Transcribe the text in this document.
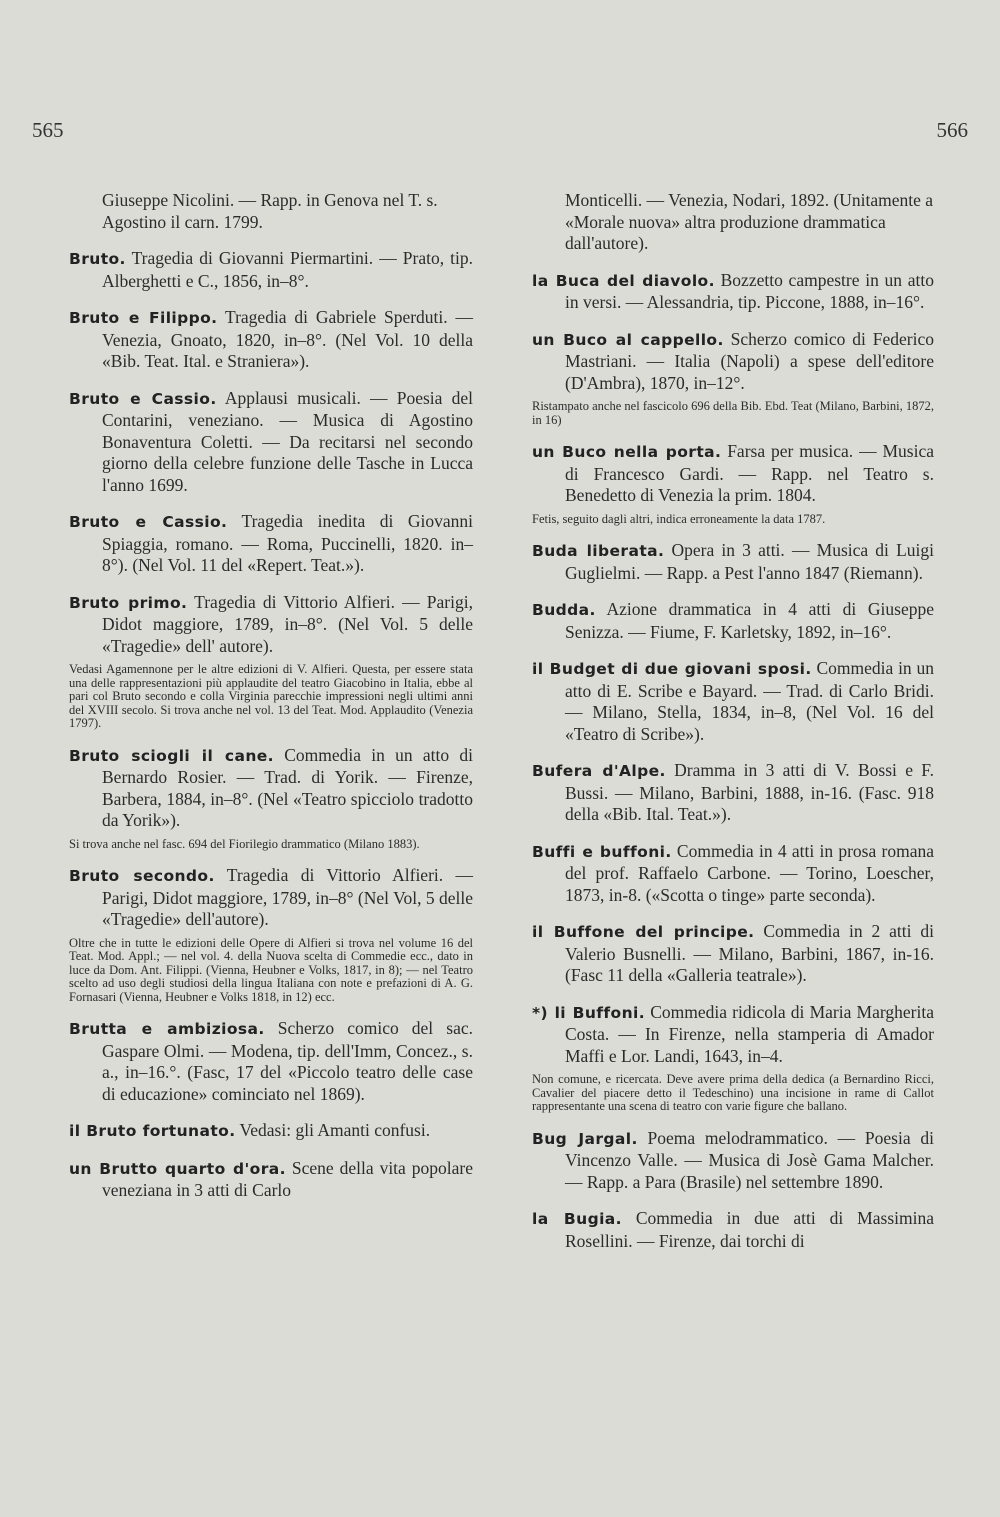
565	566

Giuseppe Nicolini. — Rapp. in Genova nel T. s. Agostino il carn. 1799.

Bruto. Tragedia di Giovanni Piermartini. — Prato, tip. Alberghetti e C., 1856, in–8°.

Bruto e Filippo. Tragedia di Gabriele Sperduti. — Venezia, Gnoato, 1820, in–8°. (Nel Vol. 10 della «Bib. Teat. Ital. e Straniera»).

Bruto e Cassio. Applausi musicali. — Poesia del Contarini, veneziano. — Musica di Agostino Bonaventura Coletti. — Da recitarsi nel secondo giorno della celebre funzione delle Tasche in Lucca l'anno 1699.

Bruto e Cassio. Tragedia inedita di Giovanni Spiaggia, romano. — Roma, Puccinelli, 1820. in–8°). (Nel Vol. 11 del «Repert. Teat.»).

Bruto primo. Tragedia di Vittorio Alfieri. — Parigi, Didot maggiore, 1789, in–8°. (Nel Vol. 5 delle «Tragedie» dell' autore).

Vedasi Agamennone per le altre edizioni di V. Alfieri. Questa, per essere stata una delle rappresentazioni più applaudite del teatro Giacobino in Italia, ebbe al pari col Bruto secondo e colla Virginia parecchie impressioni negli ultimi anni del XVIII secolo. Si trova anche nel vol. 13 del Teat. Mod. Applaudito (Venezia 1797).

Bruto sciogli il cane. Commedia in un atto di Bernardo Rosier. — Trad. di Yorik. — Firenze, Barbera, 1884, in–8°. (Nel «Teatro spicciolo tradotto da Yorik»).

Si trova anche nel fasc. 694 del Fiorilegio drammatico (Milano 1883).

Bruto secondo. Tragedia di Vittorio Alfieri. — Parigi, Didot maggiore, 1789, in–8° (Nel Vol, 5 delle «Tragedie» dell'autore).

Oltre che in tutte le edizioni delle Opere di Alfieri si trova nel volume 16 del Teat. Mod. Appl.; — nel vol. 4. della Nuova scelta di Commedie ecc., dato in luce da Dom. Ant. Filippi. (Vienna, Heubner e Volks, 1817, in 8); — nel Teatro scelto ad uso degli studiosi della lingua Italiana con note e prefazioni di A. G. Fornasari (Vienna, Heubner e Volks 1818, in 12) ecc.

Brutta e ambiziosa. Scherzo comico del sac. Gaspare Olmi. — Modena, tip. dell'Imm, Concez., s. a., in–16.°. (Fasc, 17 del «Piccolo teatro delle case di educazione» cominciato nel 1869).

il Bruto fortunato. Vedasi: gli Amanti confusi.

un Brutto quarto d'ora. Scene della vita popolare veneziana in 3 atti di Carlo

Monticelli. — Venezia, Nodari, 1892. (Unitamente a «Morale nuova» altra produzione drammatica dall'autore).

la Buca del diavolo. Bozzetto campestre in un atto in versi. — Alessandria, tip. Piccone, 1888, in–16°.

un Buco al cappello. Scherzo comico di Federico Mastriani. — Italia (Napoli) a spese dell'editore (D'Ambra), 1870, in–12°.

Ristampato anche nel fascicolo 696 della Bib. Ebd. Teat (Milano, Barbini, 1872, in 16)

un Buco nella porta. Farsa per musica. — Musica di Francesco Gardi. — Rapp. nel Teatro s. Benedetto di Venezia la prim. 1804.

Fetis, seguito dagli altri, indica erroneamente la data 1787.

Buda liberata. Opera in 3 atti. — Musica di Luigi Guglielmi. — Rapp. a Pest l'anno 1847 (Riemann).

Budda. Azione drammatica in 4 atti di Giuseppe Senizza. — Fiume, F. Karletsky, 1892, in–16°.

il Budget di due giovani sposi. Commedia in un atto di E. Scribe e Bayard. — Trad. di Carlo Bridi. — Milano, Stella, 1834, in–8, (Nel Vol. 16 del «Teatro di Scribe»).

Bufera d'Alpe. Dramma in 3 atti di V. Bossi e F. Bussi. — Milano, Barbini, 1888, in-16. (Fasc. 918 della «Bib. Ital. Teat.»).

Buffi e buffoni. Commedia in 4 atti in prosa romana del prof. Raffaelo Carbone. — Torino, Loescher, 1873, in-8. («Scotta o tinge» parte seconda).

il Buffone del principe. Commedia in 2 atti di Valerio Busnelli. — Milano, Barbini, 1867, in-16. (Fasc 11 della «Galleria teatrale»).

*) li Buffoni. Commedia ridicola di Maria Margherita Costa. — In Firenze, nella stamperia di Amador Maffi e Lor. Landi, 1643, in–4.

Non comune, e ricercata. Deve avere prima della dedica (a Bernardino Ricci, Cavalier del piacere detto il Tedeschino) una incisione in rame di Callot rappresentante una scena di teatro con varie figure che ballano.

Bug Jargal. Poema melodrammatico. — Poesia di Vincenzo Valle. — Musica di Josè Gama Malcher. — Rapp. a Para (Brasile) nel settembre 1890.

la Bugia. Commedia in due atti di Massimina Rosellini. — Firenze, dai torchi di
